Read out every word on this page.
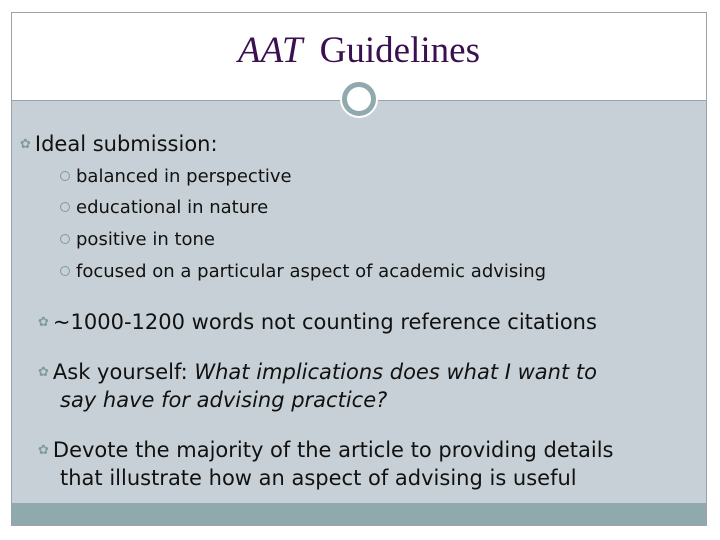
AAT Guidelines
✿ Ideal submission:
balanced in perspective
educational in nature
positive in tone
focused on a particular aspect of academic advising
✿ ~1000-1200 words not counting reference citations
✿ Ask yourself: What implications does what I want to
say have for advising practice?
✿ Devote the majority of the article to providing details
that illustrate how an aspect of advising is useful
